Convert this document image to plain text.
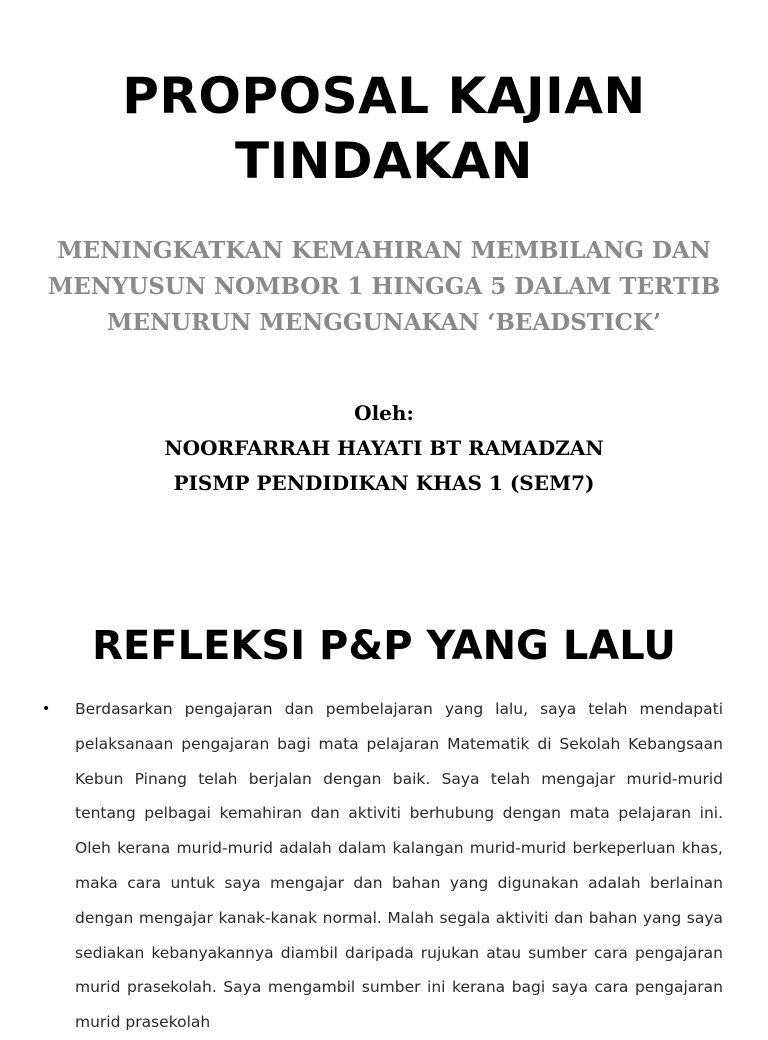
PROPOSAL KAJIAN TINDAKAN

MENINGKATKAN KEMAHIRAN MEMBILANG DAN MENYUSUN NOMBOR 1 HINGGA 5 DALAM TERTIB MENURUN MENGGUNAKAN ‘BEADSTICK’

Oleh:
NOORFARRAH HAYATI BT RAMADZAN
PISMP PENDIDIKAN KHAS 1 (SEM7)
REFLEKSI P&P YANG LALU
• Berdasarkan pengajaran dan pembelajaran yang lalu, saya telah mendapati pelaksanaan pengajaran bagi mata pelajaran Matematik di Sekolah Kebangsaan Kebun Pinang telah berjalan dengan baik. Saya telah mengajar murid-murid tentang pelbagai kemahiran dan aktiviti berhubung dengan mata pelajaran ini. Oleh kerana murid-murid adalah dalam kalangan murid-murid berkeperluan khas, maka cara untuk saya mengajar dan bahan yang digunakan adalah berlainan dengan mengajar kanak-kanak normal. Malah segala aktiviti dan bahan yang saya sediakan kebanyakannya diambil daripada rujukan atau sumber cara pengajaran murid prasekolah. Saya mengambil sumber ini kerana bagi saya cara pengajaran murid prasekolah
